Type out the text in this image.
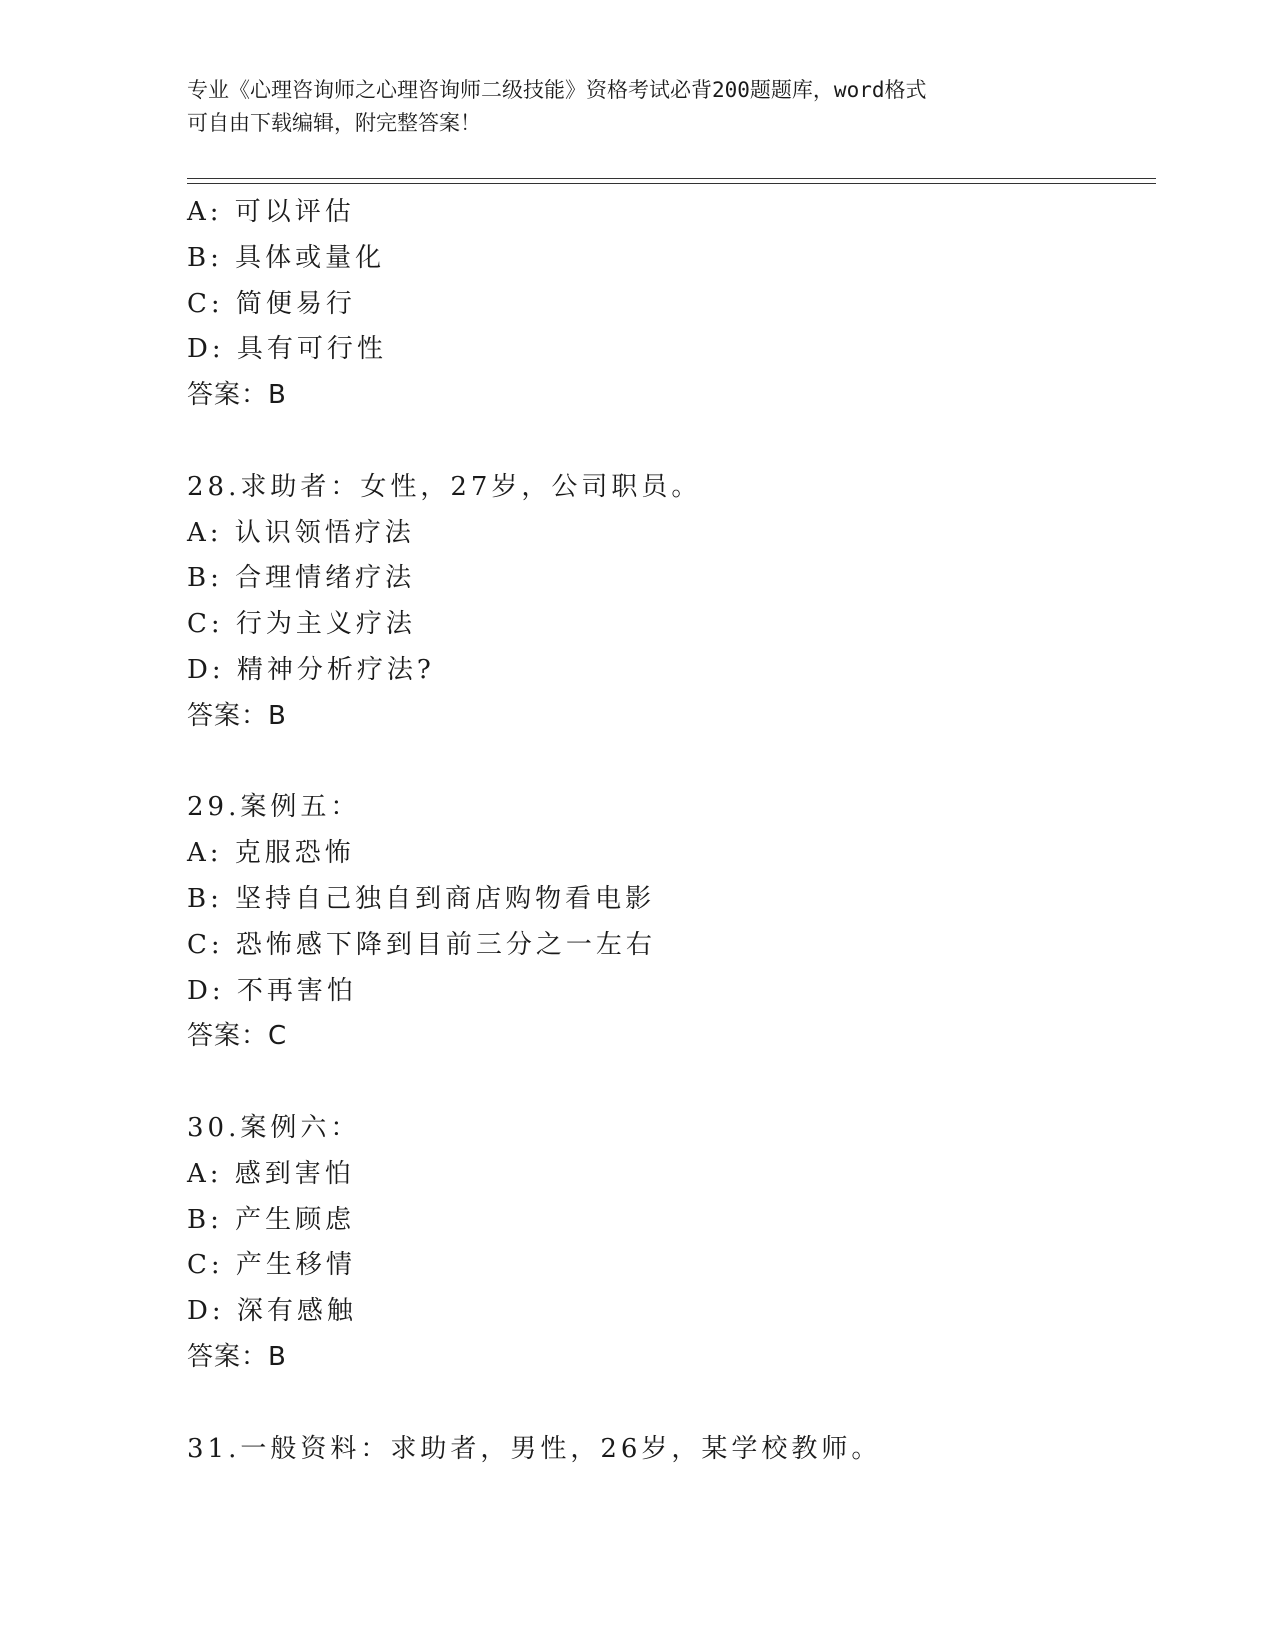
专业《心理咨询师之心理咨询师二级技能》资格考试必背200题题库，word格式
可自由下载编辑，附完整答案！
A: 可以评估
B: 具体或量化
C: 简便易行
D: 具有可行性
答案：B
28.求助者：女性，27岁，公司职员。
A: 认识领悟疗法
B: 合理情绪疗法
C: 行为主义疗法
D: 精神分析疗法?
答案：B
29.案例五：
A: 克服恐怖
B: 坚持自己独自到商店购物看电影
C: 恐怖感下降到目前三分之一左右
D: 不再害怕
答案：C
30.案例六：
A: 感到害怕
B: 产生顾虑
C: 产生移情
D: 深有感触
答案：B
31.一般资料：求助者，男性，26岁，某学校教师。
